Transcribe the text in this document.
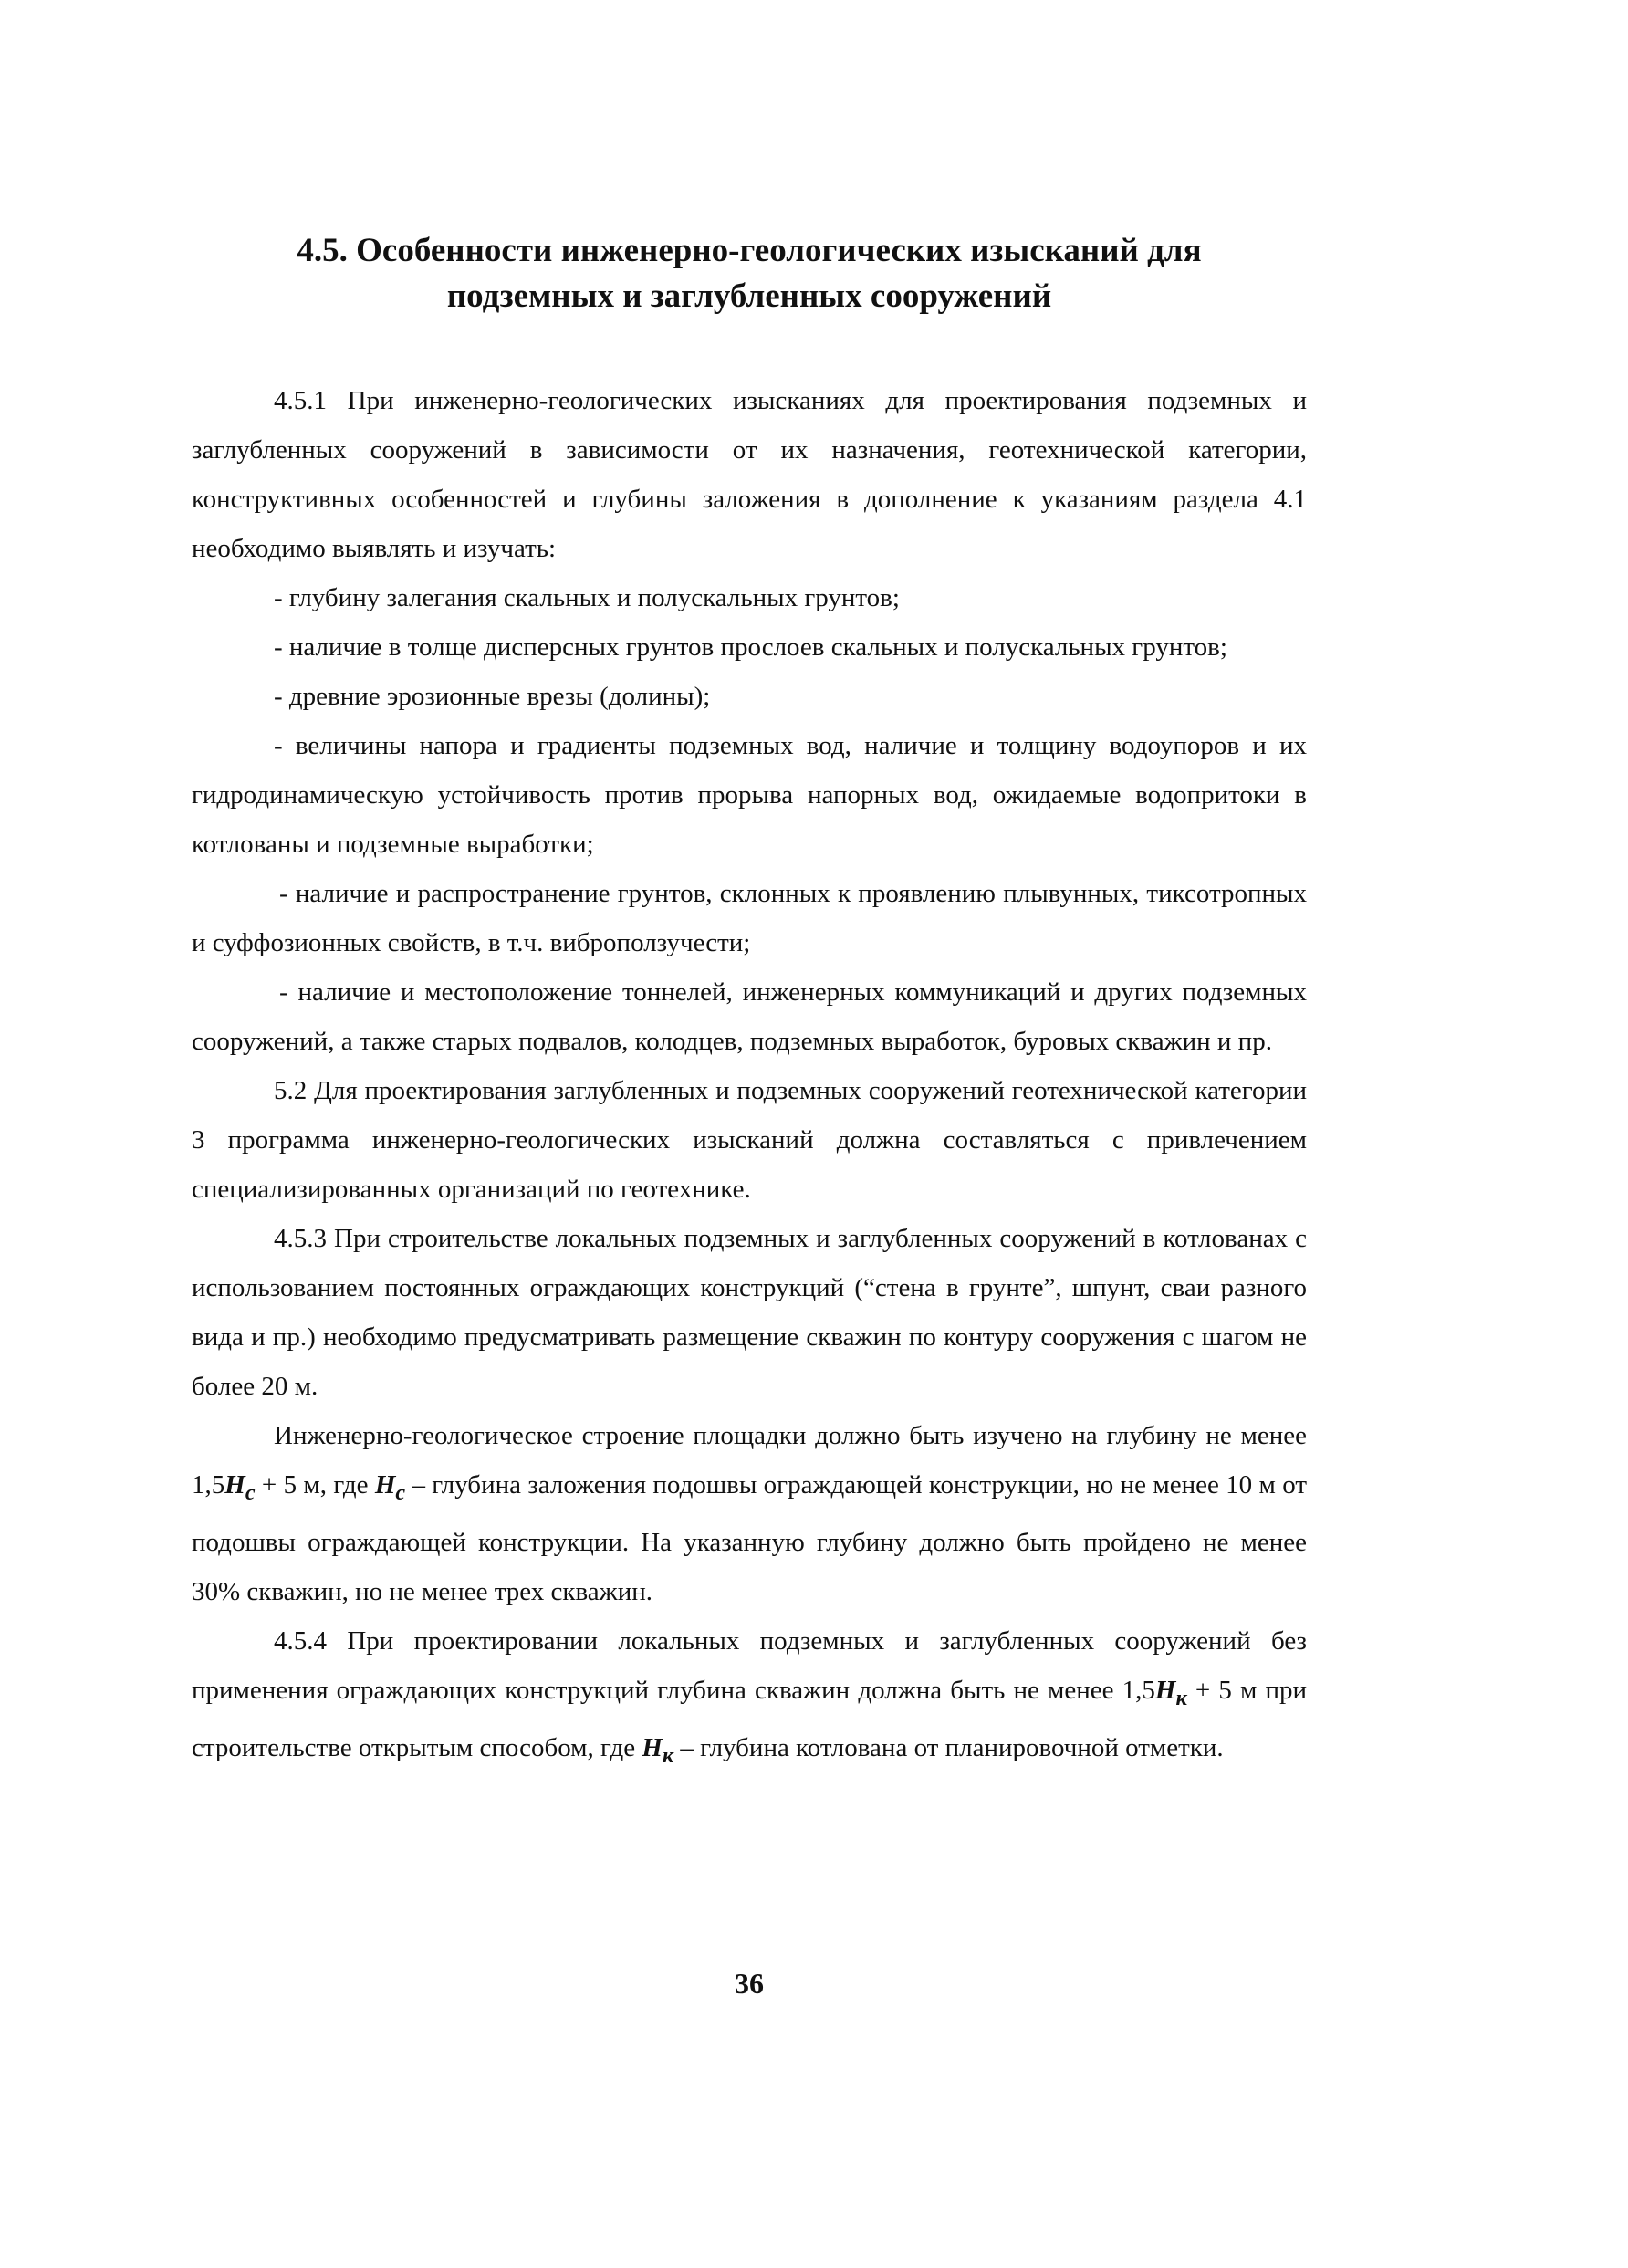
4.5. Особенности инженерно-геологических изысканий для
подземных и заглубленных сооружений

4.5.1 При инженерно-геологических изысканиях для проектирования подземных и заглубленных сооружений в зависимости от их назначения, геотехнической категории, конструктивных особенностей и глубины заложения в дополнение к указаниям раздела 4.1 необходимо выявлять и изучать:

- глубину залегания скальных и полускальных грунтов;

- наличие в толще дисперсных грунтов прослоев скальных и полускальных грунтов;

- древние эрозионные врезы (долины);

- величины напора и градиенты подземных вод, наличие и толщину водоупоров и их гидродинамическую устойчивость против прорыва напорных вод, ожидаемые водопритоки в котлованы и подземные выработки;

- наличие и распространение грунтов, склонных к проявлению плывунных, тиксотропных и суффозионных свойств, в т.ч. виброползучести;

- наличие и местоположение тоннелей, инженерных коммуникаций и других подземных сооружений, а также старых подвалов, колодцев, подземных выработок, буровых скважин и пр.

5.2 Для проектирования заглубленных и подземных сооружений геотехнической категории 3 программа инженерно-геологических изысканий должна составляться с привлечением специализированных организаций по геотехнике.

4.5.3 При строительстве локальных подземных и заглубленных сооружений в котлованах с использованием постоянных ограждающих конструкций (“стена в грунте”, шпунт, сваи разного вида и пр.) необходимо предусматривать размещение скважин по контуру сооружения с шагом не более 20 м.

Инженерно-геологическое строение площадки должно быть изучено на глубину не менее $1,5H_c + 5$ м, где $H_c$ – глубина заложения подошвы ограждающей конструкции, но не менее 10 м от подошвы ограждающей конструкции. На указанную глубину должно быть пройдено не менее 30% скважин, но не менее трех скважин.

4.5.4 При проектировании локальных подземных и заглубленных сооружений без применения ограждающих конструкций глубина скважин должна быть не менее $1,5H_к + 5$ м при строительстве открытым способом, где $H_к$ – глубина котлована от планировочной отметки.

36
